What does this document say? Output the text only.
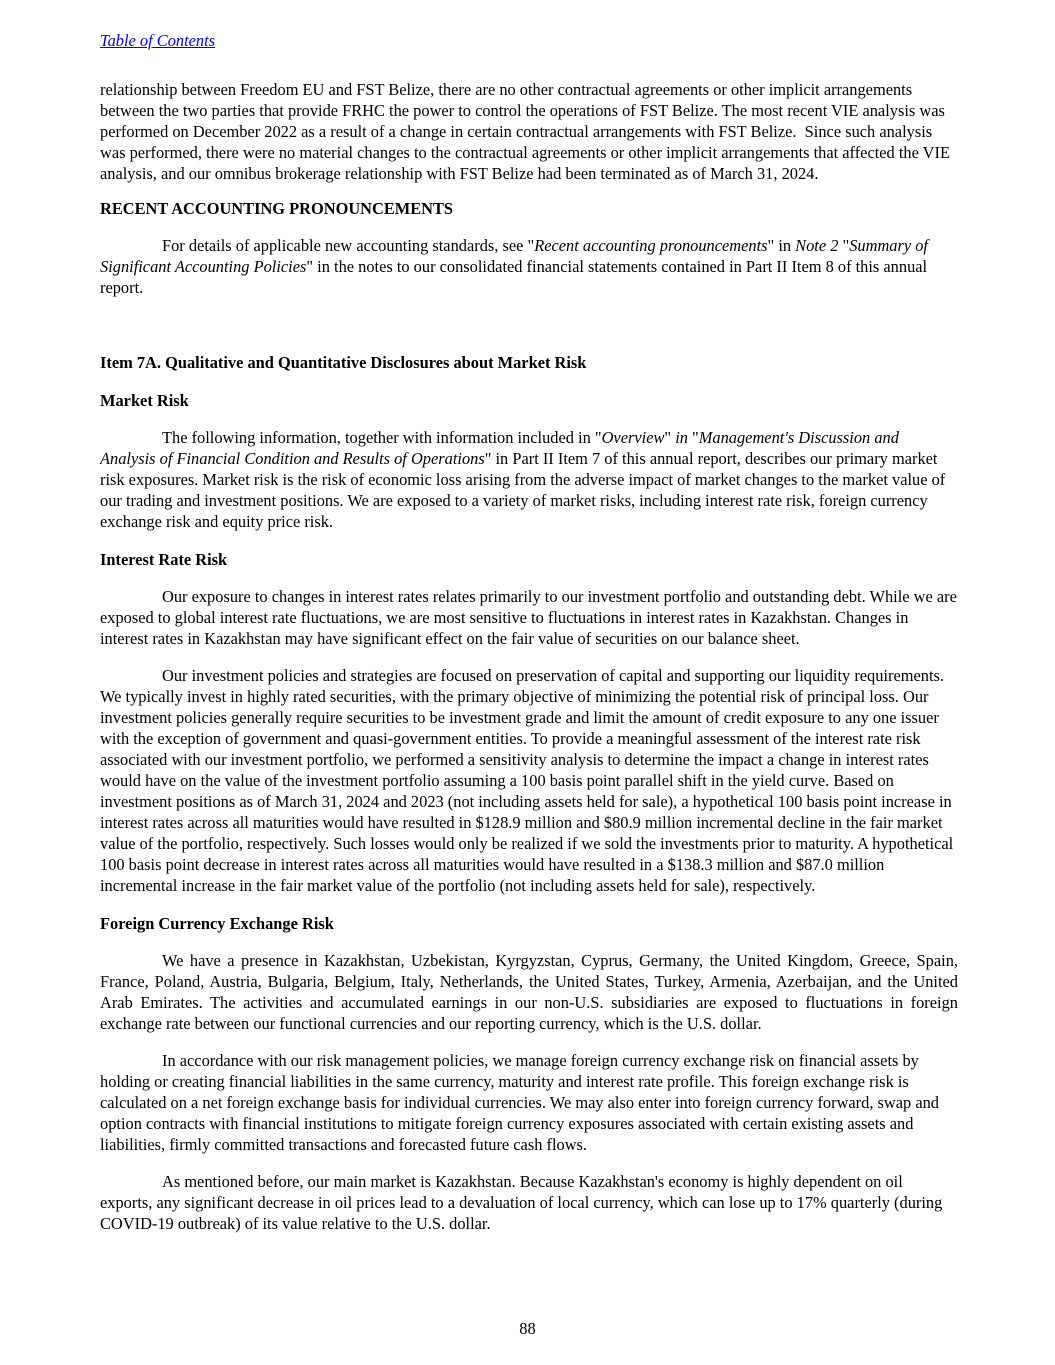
Table of Contents

relationship between Freedom EU and FST Belize, there are no other contractual agreements or other implicit arrangements between the two parties that provide FRHC the power to control the operations of FST Belize. The most recent VIE analysis was performed on December 2022 as a result of a change in certain contractual arrangements with FST Belize.  Since such analysis was performed, there were no material changes to the contractual agreements or other implicit arrangements that affected the VIE analysis, and our omnibus brokerage relationship with FST Belize had been terminated as of March 31, 2024.

RECENT ACCOUNTING PRONOUNCEMENTS

For details of applicable new accounting standards, see "Recent accounting pronouncements" in Note 2 "Summary of Significant Accounting Policies" in the notes to our consolidated financial statements contained in Part II Item 8 of this annual report.

Item 7A. Qualitative and Quantitative Disclosures about Market Risk
Market Risk

The following information, together with information included in "Overview" in "Management's Discussion and Analysis of Financial Condition and Results of Operations" in Part II Item 7 of this annual report, describes our primary market risk exposures. Market risk is the risk of economic loss arising from the adverse impact of market changes to the market value of our trading and investment positions. We are exposed to a variety of market risks, including interest rate risk, foreign currency exchange risk and equity price risk.

Interest Rate Risk

Our exposure to changes in interest rates relates primarily to our investment portfolio and outstanding debt. While we are exposed to global interest rate fluctuations, we are most sensitive to fluctuations in interest rates in Kazakhstan. Changes in interest rates in Kazakhstan may have significant effect on the fair value of securities on our balance sheet.

Our investment policies and strategies are focused on preservation of capital and supporting our liquidity requirements. We typically invest in highly rated securities, with the primary objective of minimizing the potential risk of principal loss. Our investment policies generally require securities to be investment grade and limit the amount of credit exposure to any one issuer with the exception of government and quasi-government entities. To provide a meaningful assessment of the interest rate risk associated with our investment portfolio, we performed a sensitivity analysis to determine the impact a change in interest rates would have on the value of the investment portfolio assuming a 100 basis point parallel shift in the yield curve. Based on investment positions as of March 31, 2024 and 2023 (not including assets held for sale), a hypothetical 100 basis point increase in interest rates across all maturities would have resulted in $128.9 million and $80.9 million incremental decline in the fair market value of the portfolio, respectively. Such losses would only be realized if we sold the investments prior to maturity. A hypothetical 100 basis point decrease in interest rates across all maturities would have resulted in a $138.3 million and $87.0 million incremental increase in the fair market value of the portfolio (not including assets held for sale), respectively.

Foreign Currency Exchange Risk

We have a presence in Kazakhstan, Uzbekistan, Kyrgyzstan, Cyprus, Germany, the United Kingdom, Greece, Spain, France, Poland, Austria, Bulgaria, Belgium, Italy, Netherlands, the United States, Turkey, Armenia, Azerbaijan, and the United Arab Emirates. The activities and accumulated earnings in our non-U.S. subsidiaries are exposed to fluctuations in foreign exchange rate between our functional currencies and our reporting currency, which is the U.S. dollar.

In accordance with our risk management policies, we manage foreign currency exchange risk on financial assets by holding or creating financial liabilities in the same currency, maturity and interest rate profile. This foreign exchange risk is calculated on a net foreign exchange basis for individual currencies. We may also enter into foreign currency forward, swap and option contracts with financial institutions to mitigate foreign currency exposures associated with certain existing assets and liabilities, firmly committed transactions and forecasted future cash flows.

As mentioned before, our main market is Kazakhstan. Because Kazakhstan's economy is highly dependent on oil exports, any significant decrease in oil prices lead to a devaluation of local currency, which can lose up to 17% quarterly (during COVID-19 outbreak) of its value relative to the U.S. dollar.

88
